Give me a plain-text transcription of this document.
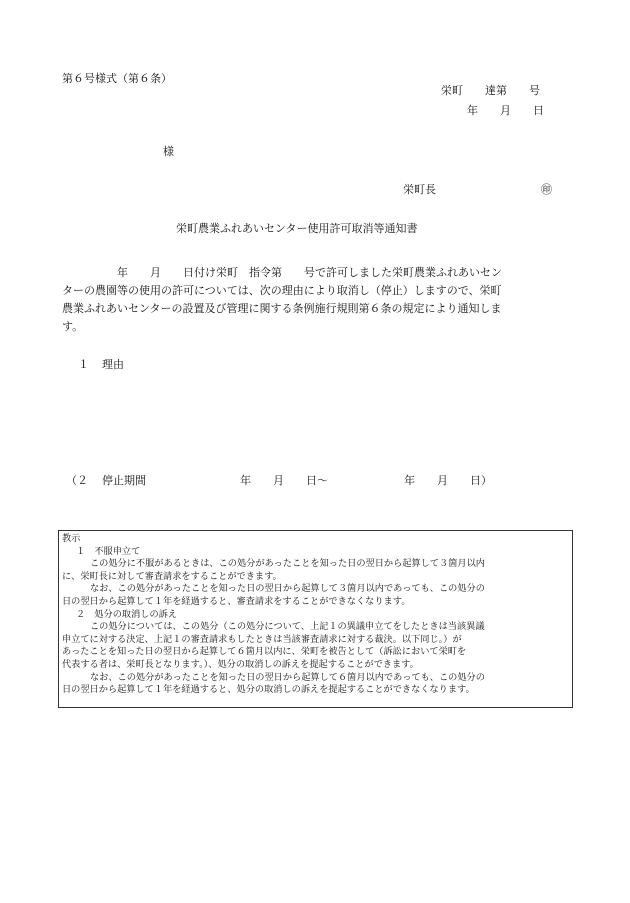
第６号様式（第６条）
栄町　　達第　　号
年　　月　　日
様
栄町長	㊞
栄町農業ふれあいセンター使用許可取消等通知書
　　　　　年　　月　　日付け栄町　指令第　　号で許可しました栄町農業ふれあいセン
ターの農園等の使用の許可については、次の理由により取消し（停止）しますので、栄町
農業ふれあいセンターの設置及び管理に関する条例施行規則第６条の規定により通知しま
す。
１ 理由
（２ 停止期間	年　　月　　日～	年　　月　　日）
教示
１　不服申立て
この処分に不服があるときは、この処分があったことを知った日の翌日から起算して３箇月以内
に、栄町長に対して審査請求をすることができます。
なお、この処分があったことを知った日の翌日から起算して３箇月以内であっても、この処分の
日の翌日から起算して１年を経過すると、審査請求をすることができなくなります。
２　処分の取消しの訴え
この処分については、この処分（この処分について、上記１の異議申立てをしたときは当該異議
申立てに対する決定、上記１の審査請求もしたときは当該審査請求に対する裁決。以下同じ。）が
あったことを知った日の翌日から起算して６箇月以内に、栄町を被告として（訴訟において栄町を
代表する者は、栄町長となります。）、処分の取消しの訴えを提起することができます。
なお、この処分があったことを知った日の翌日から起算して６箇月以内であっても、この処分の
日の翌日から起算して１年を経過すると、処分の取消しの訴えを提起することができなくなります。
